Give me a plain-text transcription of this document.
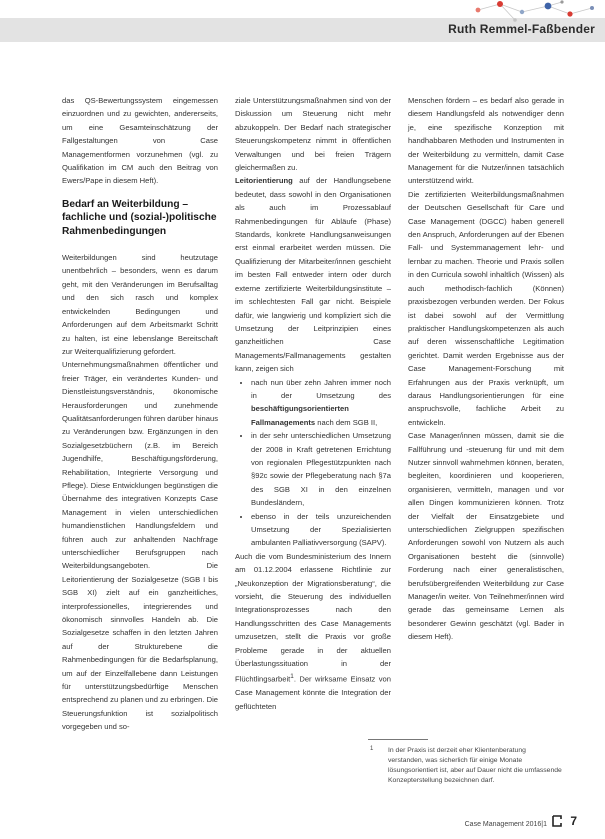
Ruth Remmel-Faßbender

das QS-Bewertungssystem eingemessen einzuordnen und zu gewichten, andererseits, um eine Gesamteinschätzung der Fallgestaltungen von Case Managementformen vorzunehmen (vgl. zu Qualifikation im CM auch den Beitrag von Ewers/Pape in diesem Heft).

Bedarf an Weiterbildung – fachliche und (sozial-)politische Rahmenbedingungen

Weiterbildungen sind heutzutage unentbehrlich – besonders, wenn es darum geht, mit den Veränderungen im Berufsalltag und den sich rasch und komplex entwickelnden Bedingungen und Anforderungen auf dem Arbeitsmarkt Schritt zu halten, ist eine lebenslange Bereitschaft zur Weiterqualifizierung gefordert.

Unternehmungsmaßnahmen öffentlicher und freier Träger, ein verändertes Kunden- und Dienstleistungsverständnis, ökonomische Herausforderungen und zunehmende Qualitätsanforderungen führen darüber hinaus zu Veränderungen bzw. Ergänzungen in den Sozialgesetzbüchern (z.B. im Bereich Jugendhilfe, Beschäftigungsförderung, Rehabilitation, Integrierte Versorgung und Pflege). Diese Entwicklungen begünstigen die Übernahme des integrativen Konzepts Case Management in vielen unterschiedlichen humandienstlichen Handlungsfeldern und führen auch zur anhaltenden Nachfrage unterschiedlicher Berufsgruppen nach Weiterbildungsangeboten. Die Leitorientierung der Sozialgesetze (SGB I bis SGB XI) zielt auf ein ganzheitliches, interprofessionelles, integrierendes und ökonomisch sinnvolles Handeln ab. Die Sozialgesetze schaffen in den letzten Jahren auf der Strukturebene die Rahmenbedingungen für die Bedarfsplanung, um auf der Einzelfallebene dann Leistungen für unterstützungsbedürftige Menschen entsprechend zu planen und zu erbringen. Die Steuerungsfunktion ist sozialpolitisch vorgegeben und so-

ziale Unterstützungsmaßnahmen sind von der Diskussion um Steuerung nicht mehr abzukoppeln. Der Bedarf nach strategischer Steuerungskompetenz nimmt in öffentlichen Verwaltungen und bei freien Trägern gleichermaßen zu.

Leitorientierung auf der Handlungsebene bedeutet, dass sowohl in den Organisationen als auch im Prozessablauf Rahmenbedingungen für Abläufe (Phase) Standards, konkrete Handlungsanweisungen erst einmal erarbeitet werden müssen. Die Qualifizierung der Mitarbeiter/innen geschieht im besten Fall entweder intern oder durch externe zertifizierte Weiterbildungsinstitute – im schlechtesten Fall gar nicht. Beispiele dafür, wie langwierig und kompliziert sich die Umsetzung der Leitprinzipien eines ganzheitlichen Case Managements/Fallmanagements gestalten kann, zeigen sich

• nach nun über zehn Jahren immer noch in der Umsetzung des beschäftigungsorientierten Fallmanagements nach dem SGB II,
• in der sehr unterschiedlichen Umsetzung der 2008 in Kraft getretenen Errichtung von regionalen Pflegestützpunkten nach §92c sowie der Pflegeberatung nach §7a des SGB XI in den einzelnen Bundesländern,
• ebenso in der teils unzureichenden Umsetzung der Spezialisierten ambulanten Palliativversorgung (SAPV).

Auch die vom Bundesministerium des Innern am 01.12.2004 erlassene Richtlinie zur „Neukonzeption der Migrationsberatung“, die vorsieht, die Steuerung des individuellen Integrationsprozesses nach den Handlungsschritten des Case Managements umzusetzen, stellt die Praxis vor große Probleme gerade in der aktuellen Überlastungssituation in der Flüchtlingsarbeit$^1$. Der wirksame Einsatz von Case Management könnte die Integration der geflüchteten

Menschen fördern – es bedarf also gerade in diesem Handlungsfeld als notwendiger denn je, eine spezifische Konzeption mit handhabbaren Methoden und Instrumenten in der Weiterbildung zu vermitteln, damit Case Management für die Nutzer/innen tatsächlich unterstützend wirkt.

Die zertifizierten Weiterbildungsmaßnahmen der Deutschen Gesellschaft für Care und Case Management (DGCC) haben generell den Anspruch, Anforderungen auf der Ebenen Fall- und Systemmanagement lehr- und lernbar zu machen. Theorie und Praxis sollen in den Curricula sowohl inhaltlich (Wissen) als auch methodisch-fachlich (Können) praxisbezogen verbunden werden. Der Fokus ist dabei sowohl auf der Vermittlung praktischer Handlungskompetenzen als auch auf deren wissenschaftliche Legitimation gerichtet. Damit werden Ergebnisse aus der Case Management-Forschung mit Erfahrungen aus der Praxis verknüpft, um daraus Handlungsorientierungen für eine anspruchsvolle, fachliche Arbeit zu entwickeln.

Case Manager/innen müssen, damit sie die Fallführung und -steuerung für und mit dem Nutzer sinnvoll wahrnehmen können, beraten, begleiten, koordinieren und kooperieren, organisieren, vermitteln, managen und vor allen Dingen kommunizieren können. Trotz der Vielfalt der Einsatzgebiete und unterschiedlichen Zielgruppen spezifischen Anforderungen sowohl von Nutzern als auch Organisationen besteht die (sinnvolle) Forderung nach einer generalistischen, berufsübergreifenden Weiterbildung zur Case Manager/in weiter. Von Teilnehmer/innen wird gerade das gemeinsame Lernen als besonderer Gewinn geschätzt (vgl. Bader in diesem Heft).

1	In der Praxis ist derzeit eher Klientenberatung verstanden, was sicherlich für einige Monate lösungsorientiert ist, aber auf Dauer nicht die umfassende Konzepterstellung bezeichnen darf.
Case Management 2016|1 7
